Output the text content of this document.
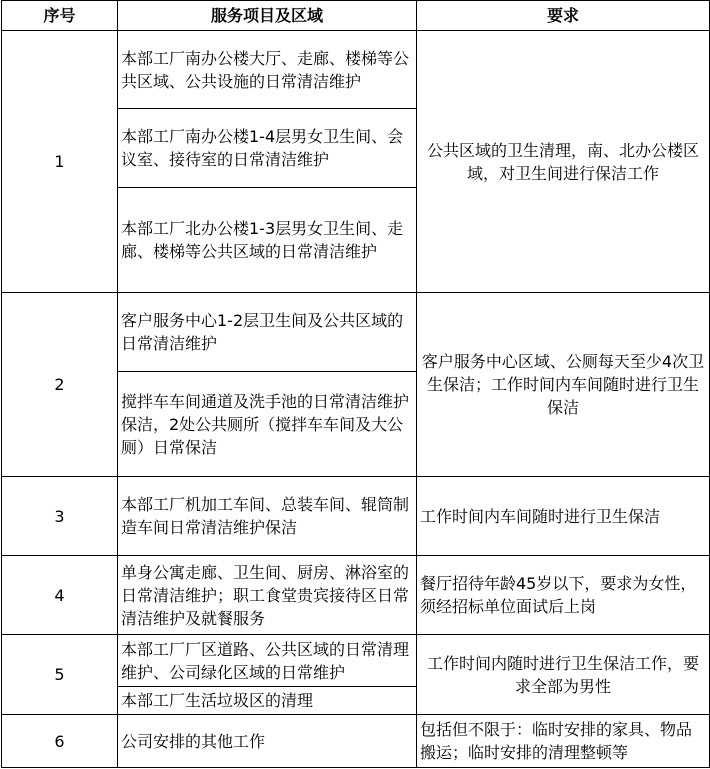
序号	服务项目及区域	要求
1	本部工厂南办公楼大厅、走廊、楼梯等公共区域、公共设施的日常清洁维护	公共区域的卫生清理，南、北办公楼区域，对卫生间进行保洁工作
	本部工厂南办公楼1-4层男女卫生间、会议室、接待室的日常清洁维护	
	本部工厂北办公楼1-3层男女卫生间、走廊、楼梯等公共区域的日常清洁维护	
2	客户服务中心1-2层卫生间及公共区域的日常清洁维护	客户服务中心区域、公厕每天至少4次卫生保洁；工作时间内车间随时进行卫生保洁
	搅拌车车间通道及洗手池的日常清洁维护保洁，2处公共厕所（搅拌车车间及大公厕）日常保洁	
3	本部工厂机加工车间、总装车间、辊筒制造车间日常清洁维护保洁	工作时间内车间随时进行卫生保洁
4	单身公寓走廊、卫生间、厨房、淋浴室的日常清洁维护；职工食堂贵宾接待区日常清洁维护及就餐服务	餐厅招待年龄45岁以下，要求为女性，须经招标单位面试后上岗
5	本部工厂厂区道路、公共区域的日常清理维护、公司绿化区域的日常维护	工作时间内随时进行卫生保洁工作，要求全部为男性
	本部工厂生活垃圾区的清理	
6	公司安排的其他工作	包括但不限于：临时安排的家具、物品搬运；临时安排的清理整顿等
